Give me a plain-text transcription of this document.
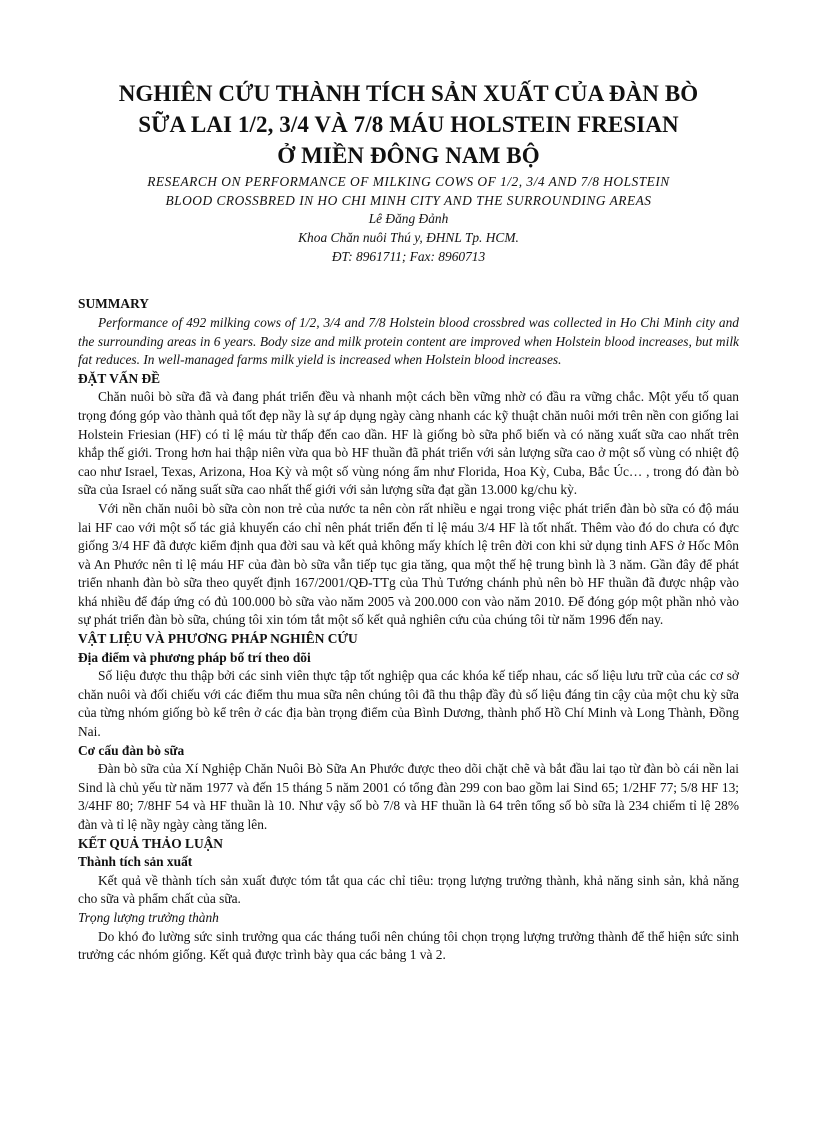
NGHIÊN CỨU THÀNH TÍCH SẢN XUẤT CỦA ĐÀN BÒ
SỮA LAI 1/2, 3/4 VÀ 7/8 MÁU HOLSTEIN FRESIAN
Ở MIỀN ĐÔNG NAM BỘ
RESEARCH ON PERFORMANCE OF MILKING COWS OF 1/2, 3/4 AND 7/8 HOLSTEIN
BLOOD CROSSBRED IN HO CHI MINH CITY AND THE SURROUNDING AREAS
Lê Đăng Đảnh
Khoa Chăn nuôi Thú y, ĐHNL Tp. HCM.
ĐT: 8961711; Fax: 8960713
SUMMARY

Performance of 492 milking cows of 1/2, 3/4 and 7/8 Holstein blood crossbred was collected in Ho Chi Minh city and the surrounding areas in 6 years. Body size and milk protein content are improved when Holstein blood increases, but milk fat reduces. In well-managed farms milk yield is increased when Holstein blood increases.

ĐẶT VẤN ĐỀ

Chăn nuôi bò sữa đã và đang phát triển đều và nhanh một cách bền vững nhờ có đầu ra vững chắc. Một yếu tố quan trọng đóng góp vào thành quả tốt đẹp nầy là sự áp dụng ngày càng nhanh các kỹ thuật chăn nuôi mới trên nền con giống lai Holstein Friesian (HF) có tỉ lệ máu từ thấp đến cao dần. HF là giống bò sữa phổ biến và có năng xuất sữa cao nhất trên khắp thế giới. Trong hơn hai thập niên vừa qua bò HF thuần đã phát triển với sản lượng sữa cao ở một số vùng có nhiệt độ cao như Israel, Texas, Arizona, Hoa Kỳ và một số vùng nóng ẩm như Florida, Hoa Kỳ, Cuba, Bắc Úc… , trong đó đàn bò sữa của Israel có năng suất sữa cao nhất thế giới với sản lượng sữa đạt gần 13.000 kg/chu kỳ.

Với nền chăn nuôi bò sữa còn non trẻ của nước ta nên còn rất nhiều e ngại trong việc phát triển đàn bò sữa có độ máu lai HF cao với một số tác giả khuyến cáo chỉ nên phát triển đến tỉ lệ máu 3/4 HF là tốt nhất. Thêm vào đó do chưa có đực giống 3/4 HF đã được kiểm định qua đời sau và kết quả không mấy khích lệ trên đời con khi sử dụng tinh AFS ở Hốc Môn và An Phước nên tỉ lệ máu HF của đàn bò sữa vẫn tiếp tục gia tăng, qua một thế hệ trung bình là 3 năm. Gần đây để phát triển nhanh đàn bò sữa theo quyết định 167/2001/QĐ-TTg của Thủ Tướng chánh phủ nên bò HF thuần đã được nhập vào khá nhiều để đáp ứng có đủ 100.000 bò sữa vào năm 2005 và 200.000 con vào năm 2010. Để đóng góp một phần nhỏ vào sự phát triển đàn bò sữa, chúng tôi xin tóm tắt một số kết quả nghiên cứu của chúng tôi từ năm 1996 đến nay.

VẬT LIỆU VÀ PHƯƠNG PHÁP NGHIÊN CỨU
Địa điểm và phương pháp bố trí theo dõi

Số liệu được thu thập bởi các sinh viên thực tập tốt nghiệp qua các khóa kế tiếp nhau, các số liệu lưu trữ của các cơ sở chăn nuôi và đối chiếu với các điểm thu mua sữa nên chúng tôi đã thu thập đầy đủ số liệu đáng tin cậy của một chu kỳ sữa của từng nhóm giống bò kể trên ở các địa bàn trọng điểm của Bình Dương, thành phố Hồ Chí Minh và Long Thành, Đồng Nai.

Cơ cấu đàn bò sữa

Đàn bò sữa của Xí Nghiệp Chăn Nuôi Bò Sữa An Phước được theo dõi chặt chẽ và bắt đầu lai tạo từ đàn bò cái nền lai Sind là chủ yếu từ năm 1977 và đến 15 tháng 5 năm 2001 có tổng đàn 299 con bao gồm lai Sind 65; 1/2HF 77; 5/8 HF 13; 3/4HF 80; 7/8HF 54 và HF thuần là 10. Như vậy số bò 7/8 và HF thuần là 64 trên tổng số bò sữa là 234 chiếm tỉ lệ 28% đàn và tỉ lệ nầy ngày càng tăng lên.

KẾT QUẢ THẢO LUẬN
Thành tích sản xuất

Kết quả về thành tích sản xuất được tóm tắt qua các chỉ tiêu: trọng lượng trưởng thành, khả năng sinh sản, khả năng cho sữa và phẩm chất của sữa.

Trọng lượng trưởng thành

Do khó đo lường sức sinh trưởng qua các tháng tuổi nên chúng tôi chọn trọng lượng trưởng thành để thể hiện sức sinh trưởng các nhóm giống. Kết quả được trình bày qua các bảng 1 và 2.
